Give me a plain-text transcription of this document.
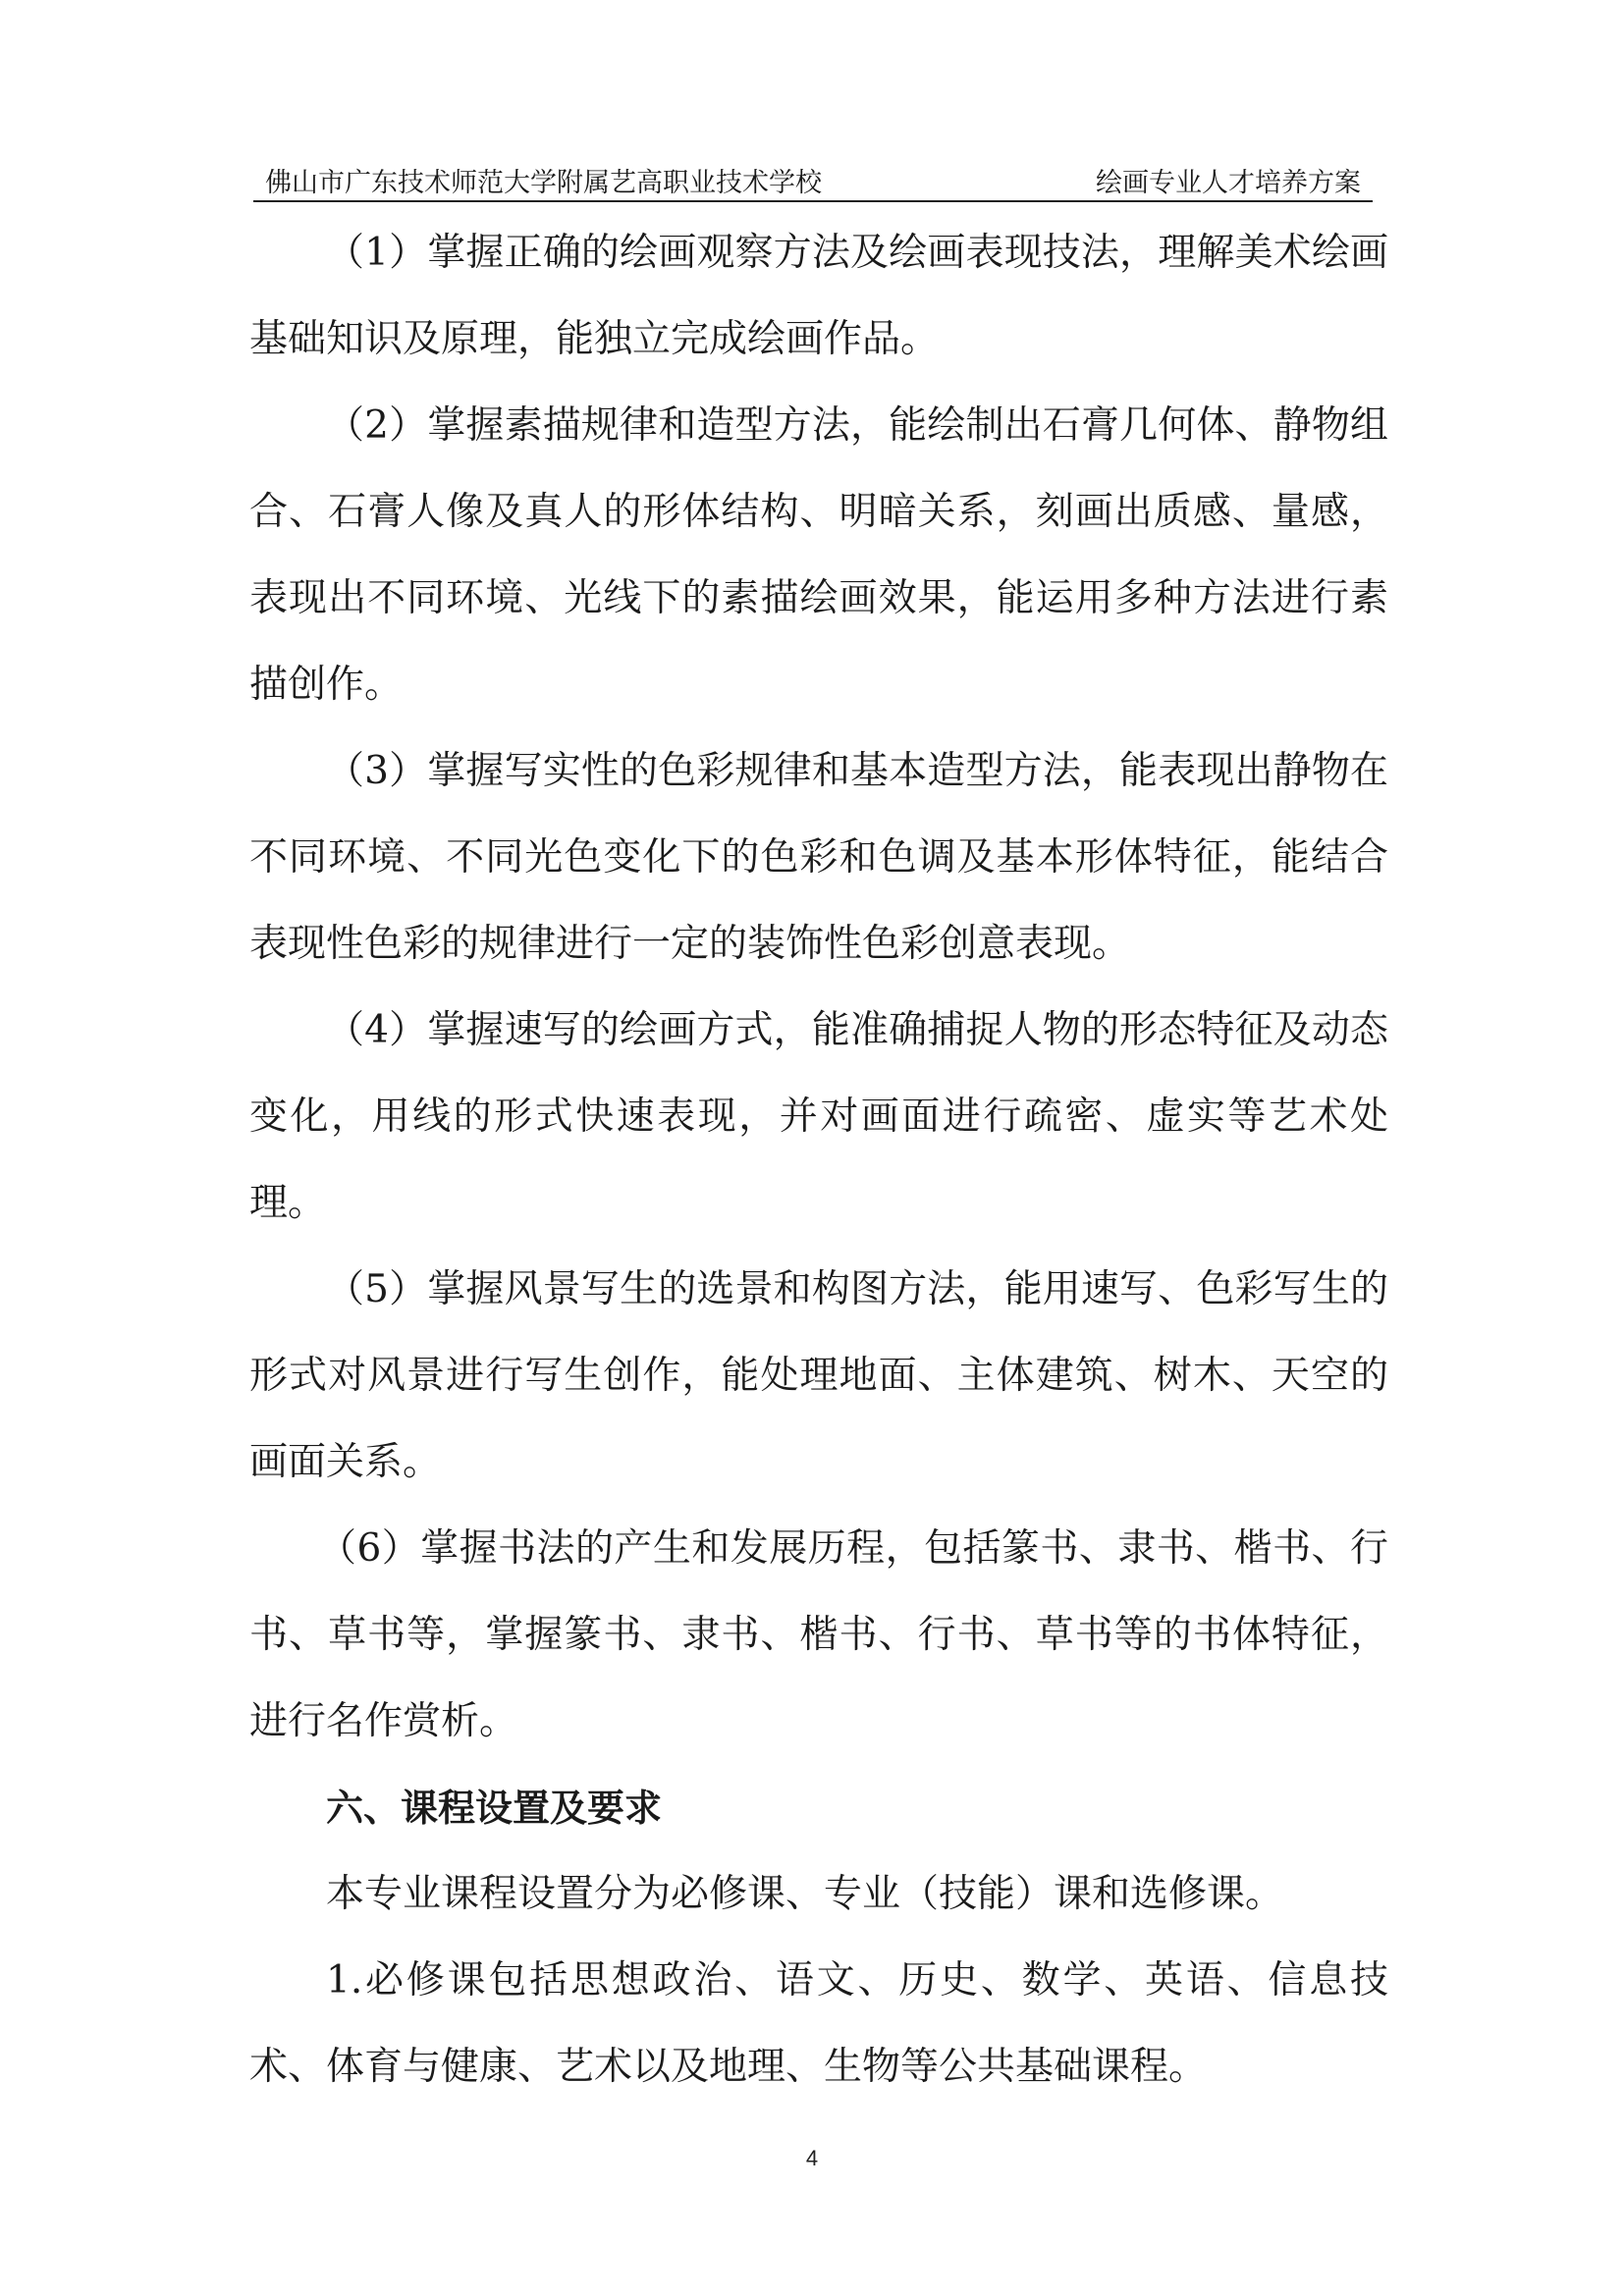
佛山市广东技术师范大学附属艺高职业技术学校	绘画专业人才培养方案

（1）掌握正确的绘画观察方法及绘画表现技法，理解美术绘画基础知识及原理，能独立完成绘画作品。

（2）掌握素描规律和造型方法，能绘制出石膏几何体、静物组合、石膏人像及真人的形体结构、明暗关系，刻画出质感、量感，表现出不同环境、光线下的素描绘画效果，能运用多种方法进行素描创作。

（3）掌握写实性的色彩规律和基本造型方法，能表现出静物在不同环境、不同光色变化下的色彩和色调及基本形体特征，能结合表现性色彩的规律进行一定的装饰性色彩创意表现。

（4）掌握速写的绘画方式，能准确捕捉人物的形态特征及动态变化，用线的形式快速表现，并对画面进行疏密、虚实等艺术处理。

（5）掌握风景写生的选景和构图方法，能用速写、色彩写生的形式对风景进行写生创作，能处理地面、主体建筑、树木、天空的画面关系。

（6）掌握书法的产生和发展历程，包括篆书、隶书、楷书、行书、草书等，掌握篆书、隶书、楷书、行书、草书等的书体特征，进行名作赏析。

六、课程设置及要求

本专业课程设置分为必修课、专业（技能）课和选修课。

1.必修课包括思想政治、语文、历史、数学、英语、信息技术、体育与健康、艺术以及地理、生物等公共基础课程。

4
